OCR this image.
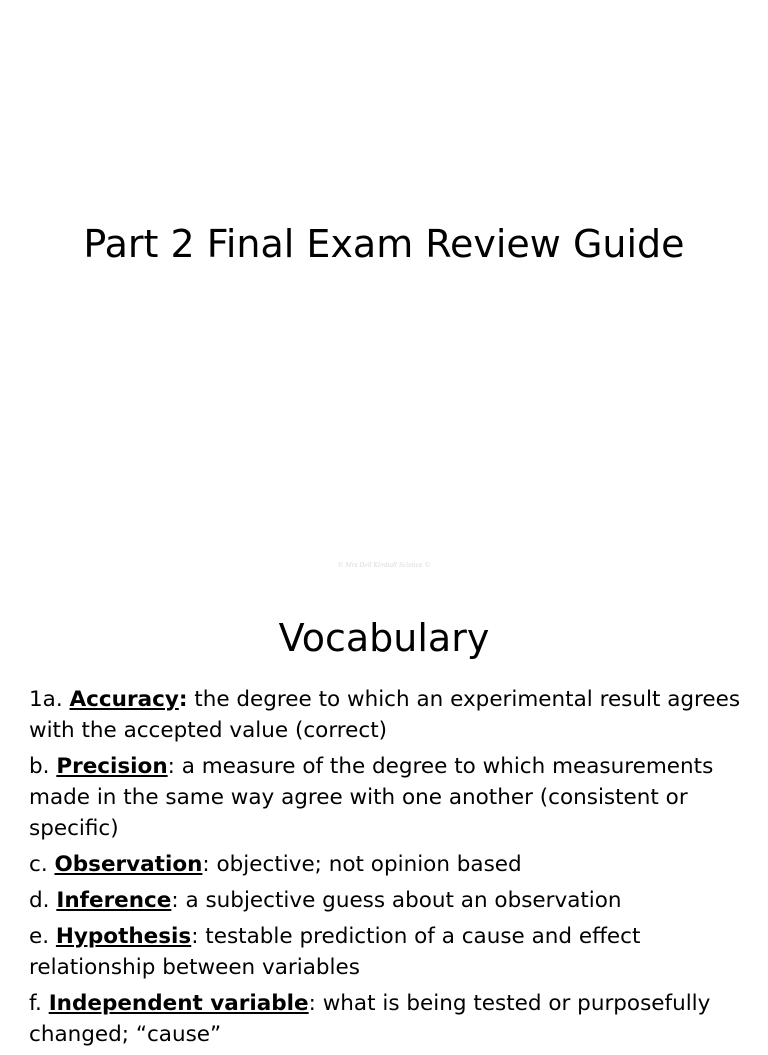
Part 2 Final Exam Review Guide
© Mrs Dell Kimball Science ©
Vocabulary
1a. Accuracy: the degree to which an experimental result agrees with the accepted value (correct)
b. Precision: a measure of the degree to which measurements made in the same way agree with one another (consistent or specific)
c. Observation: objective; not opinion based
d. Inference: a subjective guess about an observation
e. Hypothesis: testable prediction of a cause and effect relationship between variables
f. Independent variable: what is being tested or purposefully changed; “cause”
